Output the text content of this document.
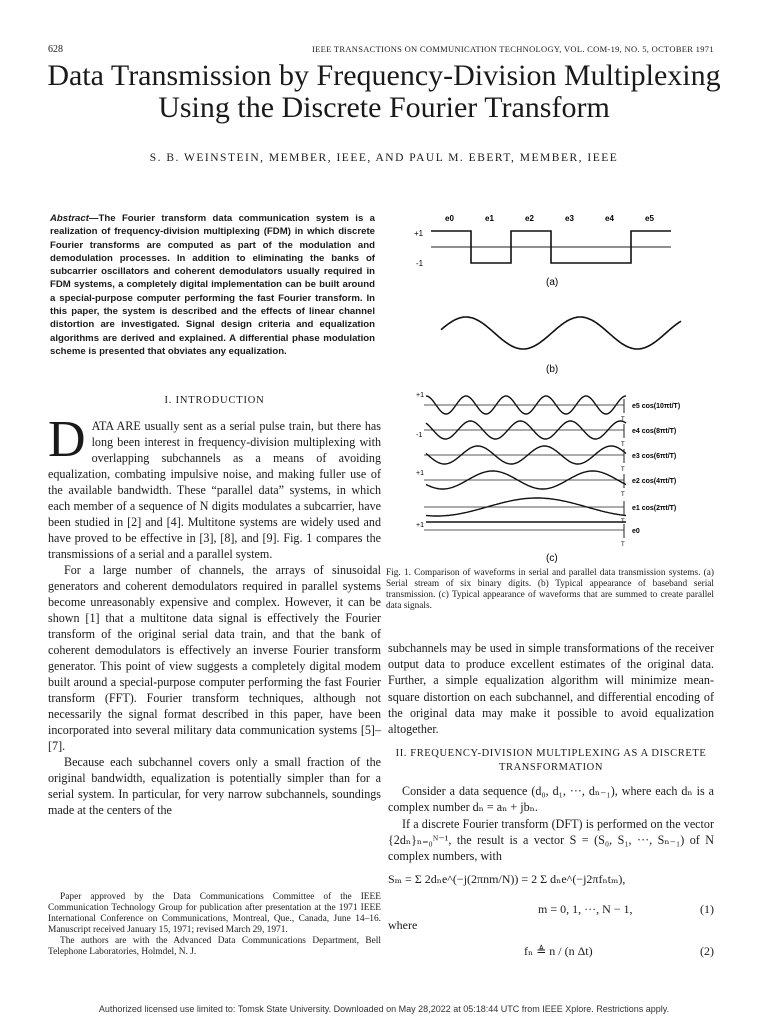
628	IEEE TRANSACTIONS ON COMMUNICATION TECHNOLOGY, VOL. COM-19, NO. 5, OCTOBER 1971
Data Transmission by Frequency-Division Multiplexing
Using the Discrete Fourier Transform
S. B. WEINSTEIN, MEMBER, IEEE, AND PAUL M. EBERT, MEMBER, IEEE
Abstract—The Fourier transform data communication system is a realization of frequency-division multiplexing (FDM) in which discrete Fourier transforms are computed as part of the modulation and demodulation processes. In addition to eliminating the banks of subcarrier oscillators and coherent demodulators usually required in FDM systems, a completely digital implementation can be built around a special-purpose computer performing the fast Fourier transform. In this paper, the system is described and the effects of linear channel distortion are investigated. Signal design criteria and equalization algorithms are derived and explained. A differential phase modulation scheme is presented that obviates any equalization.
I. INTRODUCTION

DATA ARE usually sent as a serial pulse train, but there has long been interest in frequency-division multiplexing with overlapping subchannels as a means of avoiding equalization, combating impulsive noise, and making fuller use of the available bandwidth. These “parallel data” systems, in which each member of a sequence of N digits modulates a subcarrier, have been studied in [2] and [4]. Multitone systems are widely used and have proved to be effective in [3], [8], and [9]. Fig. 1 compares the transmissions of a serial and a parallel system.

For a large number of channels, the arrays of sinusoidal generators and coherent demodulators required in parallel systems become unreasonably expensive and complex. However, it can be shown [1] that a multitone data signal is effectively the Fourier transform of the original serial data train, and that the bank of coherent demodulators is effectively an inverse Fourier transform generator. This point of view suggests a completely digital modem built around a special-purpose computer performing the fast Fourier transform (FFT). Fourier transform techniques, although not necessarily the signal format described in this paper, have been incorporated into several military data communication systems [5]–[7].

Because each subchannel covers only a small fraction of the original bandwidth, equalization is potentially simpler than for a serial system. In particular, for very narrow subchannels, soundings made at the centers of the

Paper approved by the Data Communications Committee of the IEEE Communication Technology Group for publication after presentation at the 1971 IEEE International Conference on Communications, Montreal, Que., Canada, June 14–16. Manuscript received January 15, 1971; revised March 29, 1971.

The authors are with the Advanced Data Communications Department, Bell Telephone Laboratories, Holmdel, N. J.

+1
-1
e0	e1	e2	e3	e4	e5
(a)
(b)
e5 cos(10πt/T)
T
e4 cos(8πt/T)
T
e3 cos(6πt/T)
T
e2 cos(4πt/T)
T
e1 cos(2πt/T)
T
e0
T
+1
-1
+1
+1
(c)
Fig. 1. Comparison of waveforms in serial and parallel data transmission systems. (a) Serial stream of six binary digits. (b) Typical appearance of baseband serial transmission. (c) Typical appearance of waveforms that are summed to create parallel data signals.

subchannels may be used in simple transformations of the receiver output data to produce excellent estimates of the original data. Further, a simple equalization algorithm will minimize mean-square distortion on each subchannel, and differential encoding of the original data may make it possible to avoid equalization altogether.

II. FREQUENCY-DIVISION MULTIPLEXING AS A DISCRETE
TRANSFORMATION

Consider a data sequence (d₀, d₁, ···, dₙ₋₁), where each dₙ is a complex number dₙ = aₙ + jbₙ.

If a discrete Fourier transform (DFT) is performed on the vector {2dₙ}ₙ₌₀ᴺ⁻¹, the result is a vector S = (S₀, S₁, ···, Sₙ₋₁) of N complex numbers, with

Sₘ = Σ 2dₙe^(−j(2πnm/N)) = 2 Σ dₙe^(−j2πfₙtₘ),
m = 0, 1, ···, N − 1,	(1)
where
fₙ ≜ n / (n Δt)	(2)
Authorized licensed use limited to: Tomsk State University. Downloaded on May 28,2022 at 05:18:44 UTC from IEEE Xplore. Restrictions apply.
